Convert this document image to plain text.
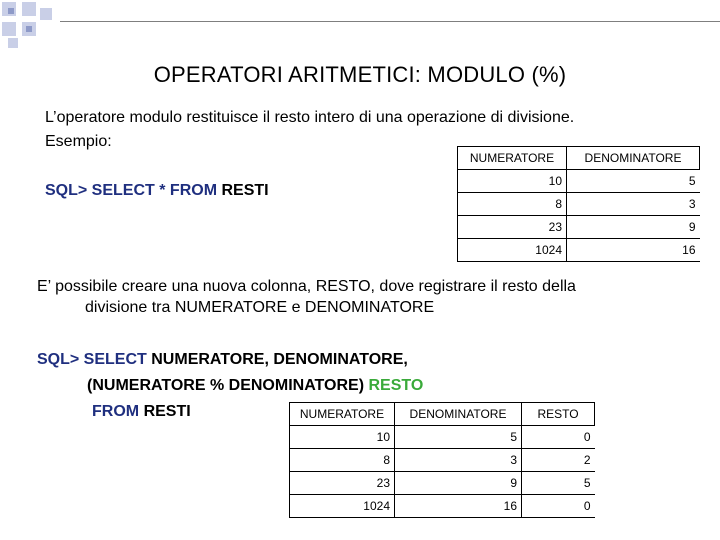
OPERATORI ARITMETICI: MODULO (%)
L’operatore modulo restituisce il resto intero di una operazione di divisione.
Esempio:
SQL> SELECT * FROM RESTI
NUMERATORE	DENOMINATORE
10	5
8	3
23	9
1024	16
E’ possibile creare una nuova colonna, RESTO, dove registrare il resto della
divisione tra NUMERATORE e DENOMINATORE
SQL> SELECT NUMERATORE, DENOMINATORE,
(NUMERATORE % DENOMINATORE) RESTO
FROM RESTI	NUMERATORE	DENOMINATORE	RESTO
10	5	0
8	3	2
23	9	5
1024	16	0
